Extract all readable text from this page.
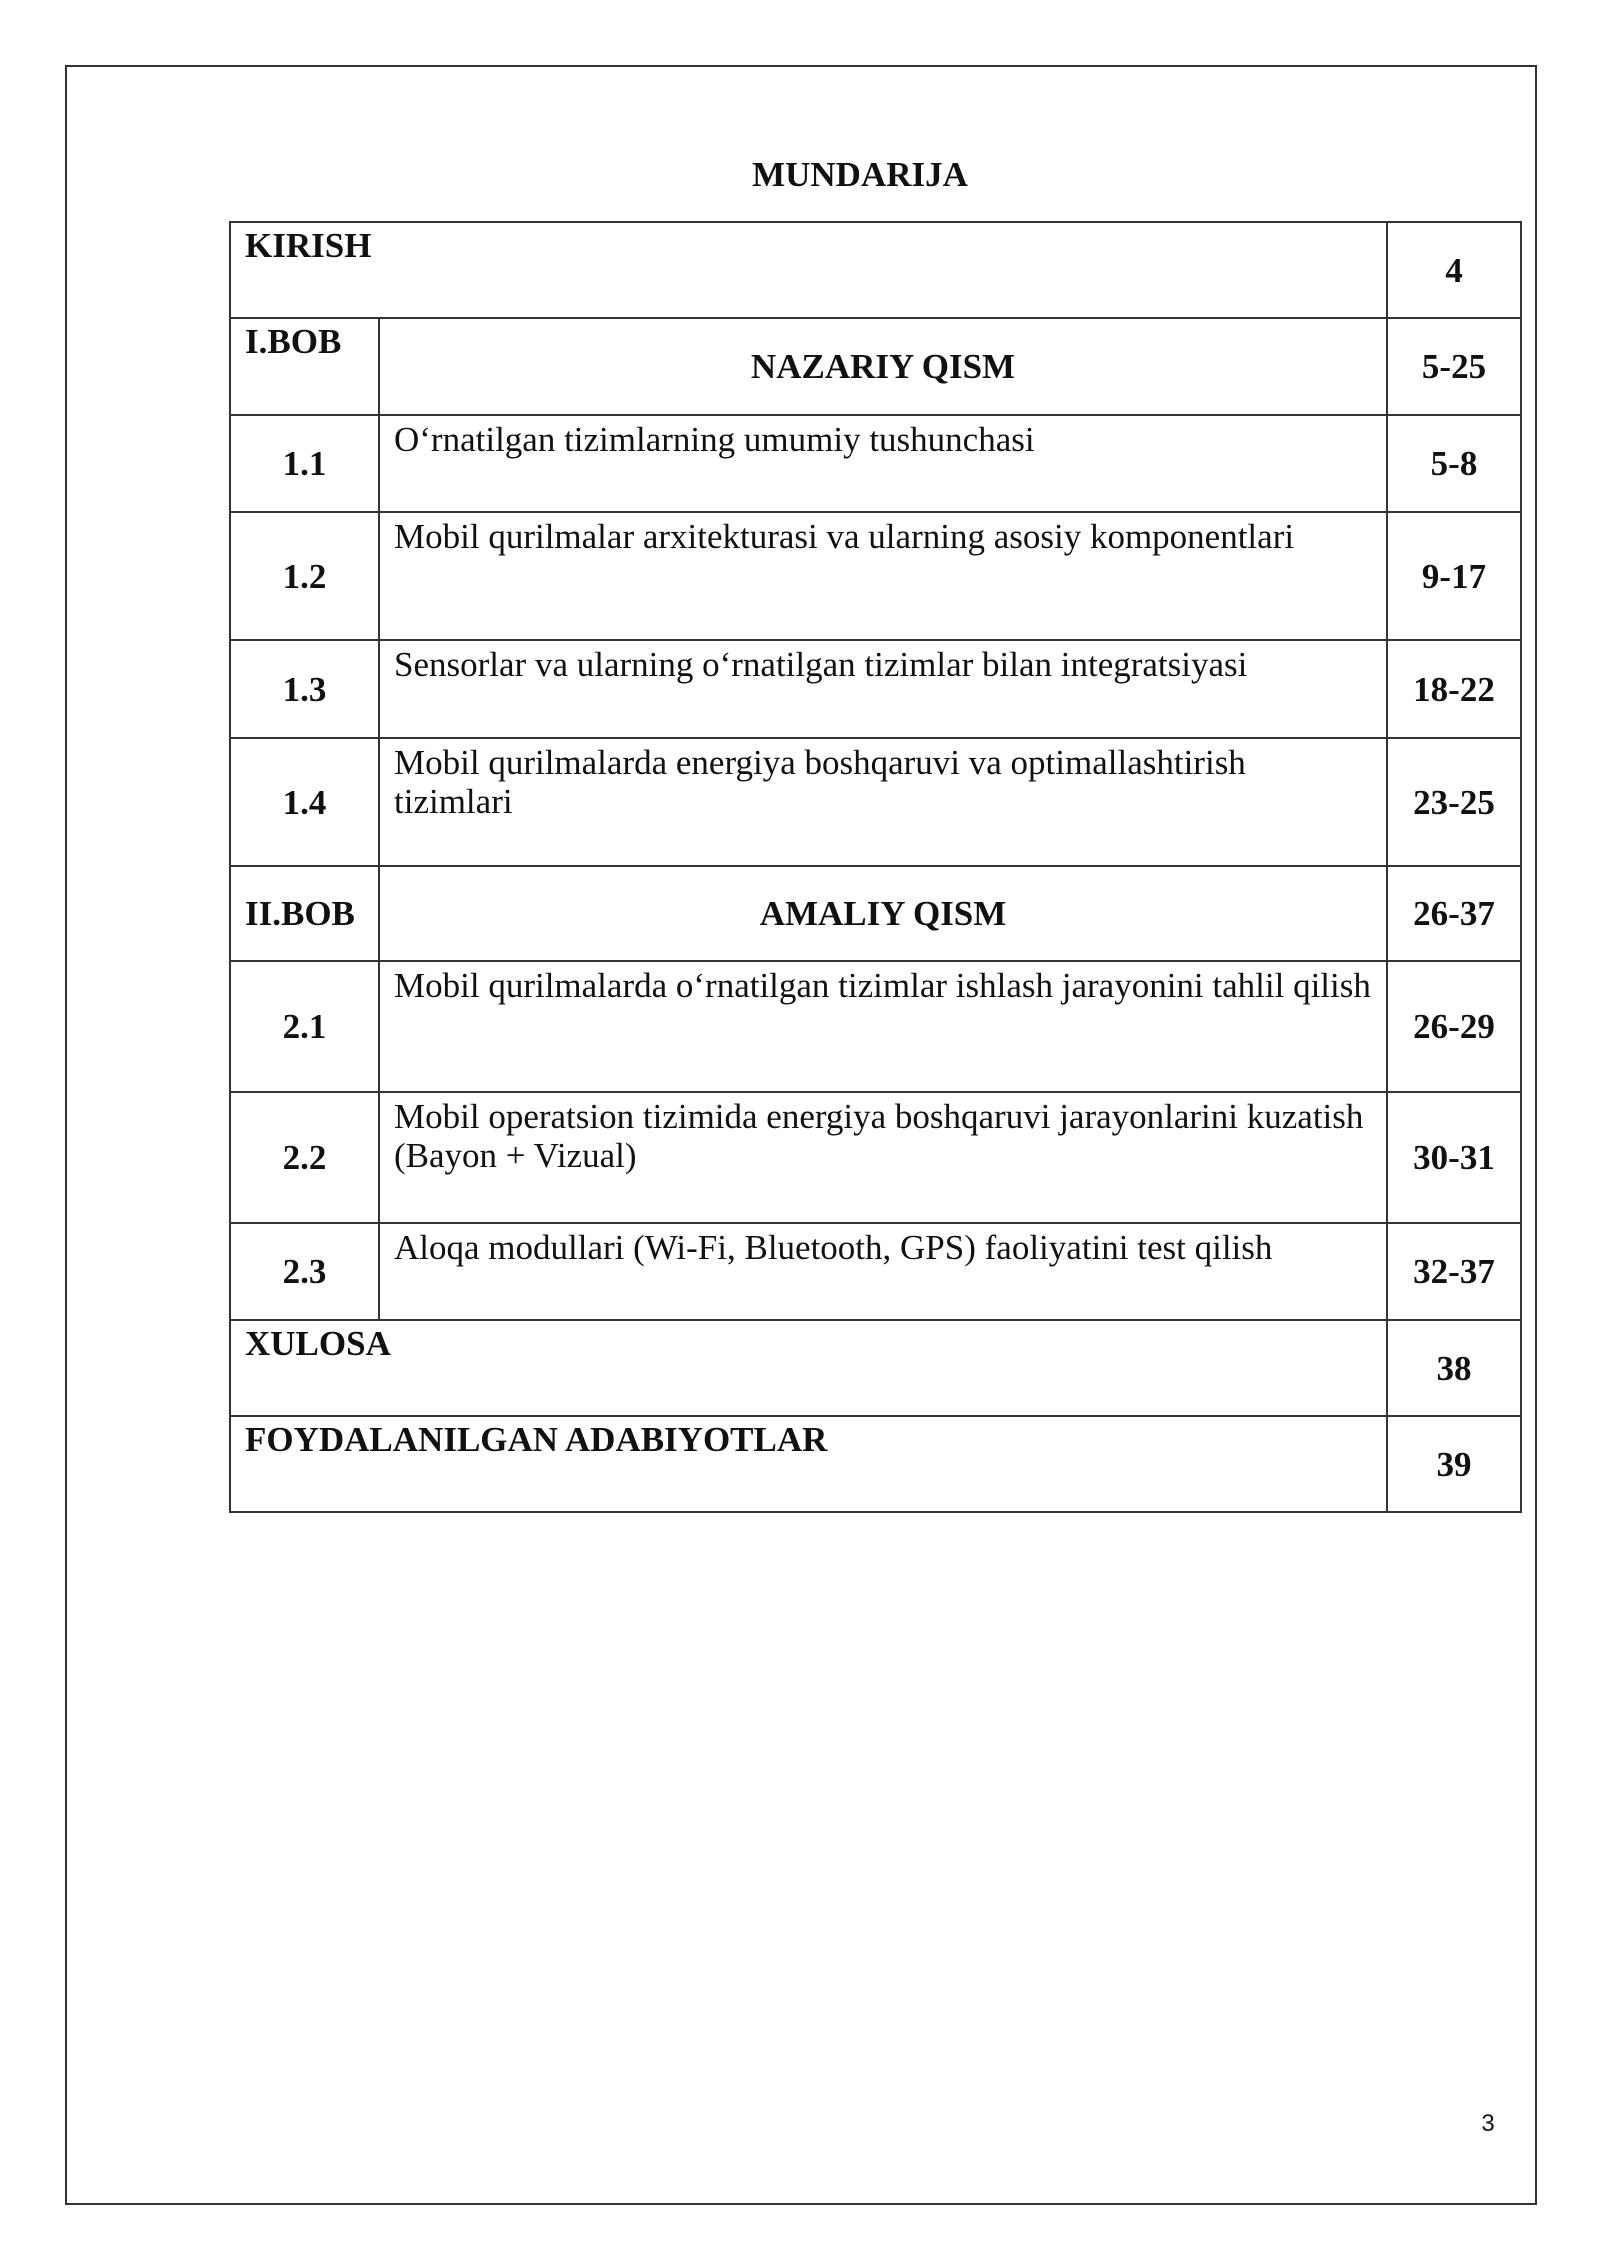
MUNDARIJA
KIRISH		4
I.BOB	NAZARIY QISM	5-25
1.1	O‘rnatilgan tizimlarning umumiy tushunchasi	5-8
1.2	Mobil qurilmalar arxitekturasi va ularning asosiy komponentlari	9-17
1.3	Sensorlar va ularning o‘rnatilgan tizimlar bilan integratsiyasi	18-22
1.4	Mobil qurilmalarda energiya boshqaruvi va optimallashtirish tizimlari	23-25
II.BOB	AMALIY QISM	26-37
2.1	Mobil qurilmalarda o‘rnatilgan tizimlar ishlash jarayonini tahlil qilish	26-29
2.2	Mobil operatsion tizimida energiya boshqaruvi jarayonlarini kuzatish (Bayon + Vizual)	30-31
2.3	Aloqa modullari (Wi-Fi, Bluetooth, GPS) faoliyatini test qilish	32-37
XULOSA		38
FOYDALANILGAN ADABIYOTLAR		39
3
